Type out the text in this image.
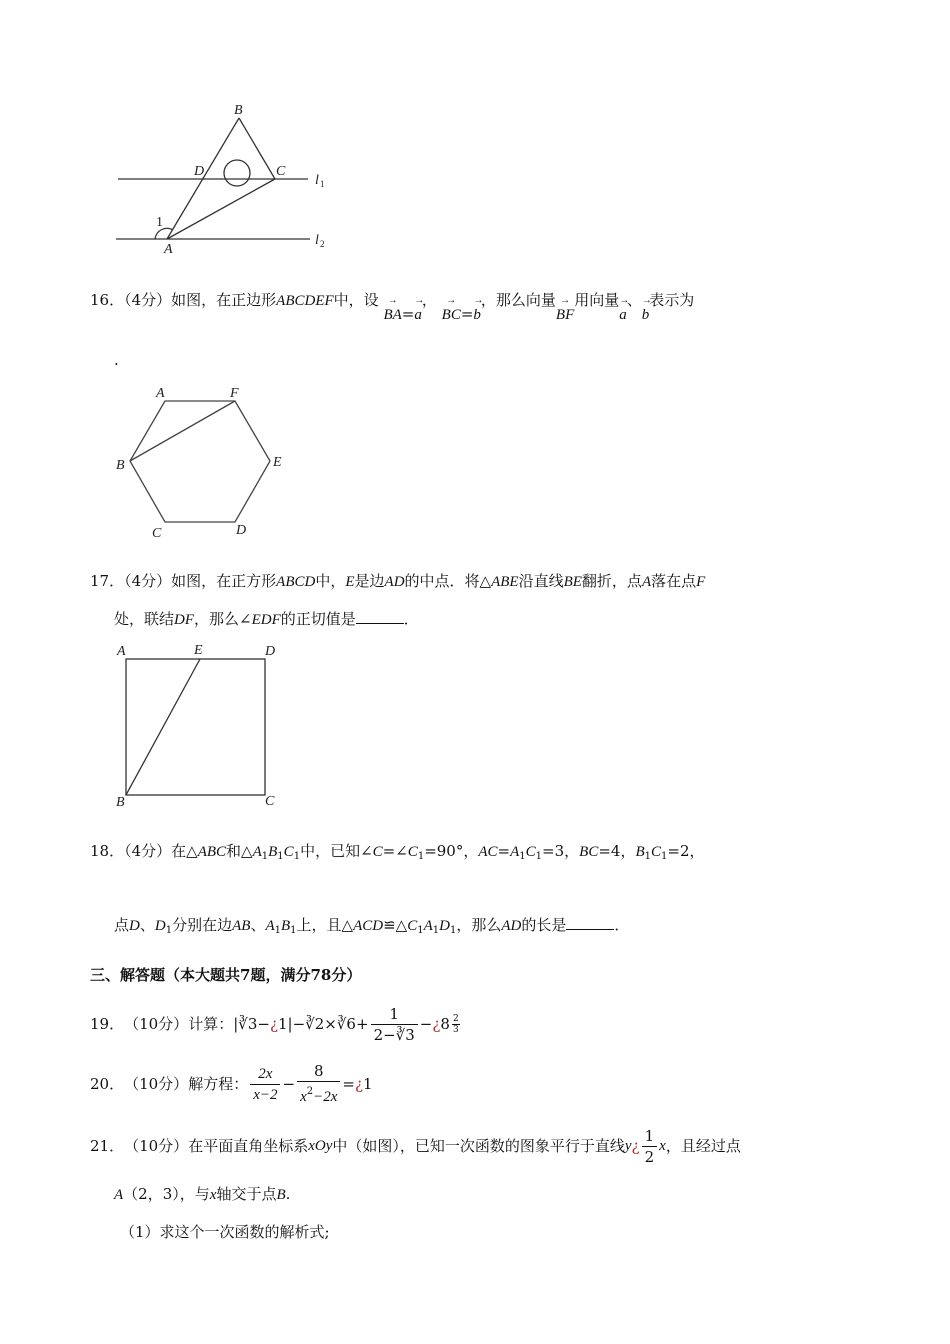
B
D	C
A
1
l 1
l 2
16．（4分）如图，在正边形ABCDEF中，设 →
BA=
→
a， →
BC=
→
b，那么向量 →
BF用向量 →
a、 →
b表示为
.
A	F
B	E
C	D
17．（4分）如图，在正方形ABCD中，E是边AD的中点．将△ABE沿直线BE翻折，点A落在点F
处，联结DF，那么∠EDF的正切值是	．
A	E	D
B	C
18．（4分）在△ABC和$\triangle A_1B_1C_1$中，已知$\angle C=\angle C_1=90^\circ$，$AC=A_1C_1=3$，BC=4，$B_1C_1=2$，
点D、$D_1$分别在边AB、$A_1B_1$上，且$\triangle ACD≌\triangle C_1A_1D_1$，那么AD的长是	．
三、解答题（本大题共7题，满分78分）
19． （10分） 计算： | ∛3 − ¿ 1 | − ∛2 × ∛6 + $\frac{1}{2-∛3}$ − ¿ $8 \frac{2}{3}$
20． （10分） 解方程： $\frac{2x}{x-2} - \frac{8}{x^2-2x}$ = ¿ 1
21． （10分） 在平面直角坐标系 xOy 中（如图），已知一次函数的图象平行于直线 y ¿ $\frac{1}{2}$ x ，且经过点
A（2，3），与x轴交于点B.
（1）求这个一次函数的解析式;
